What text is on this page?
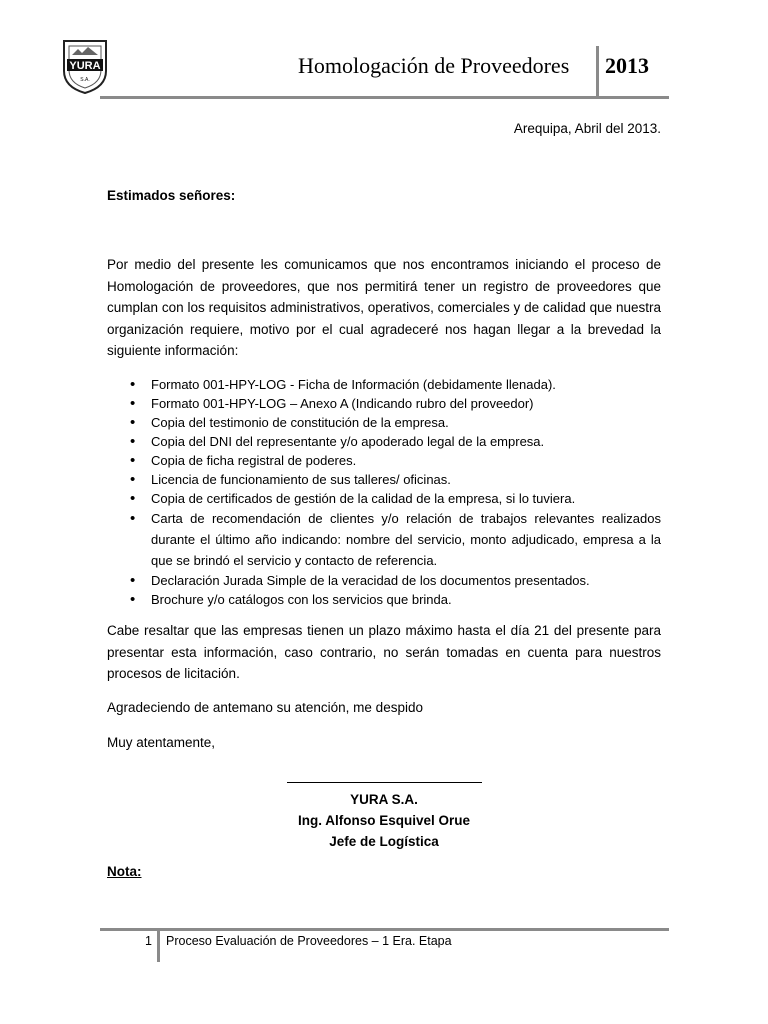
YURA
S.A.
Homologación de Proveedores 2013
Arequipa, Abril del 2013.
Estimados señores:
Por medio del presente les comunicamos que nos encontramos iniciando el proceso de Homologación de proveedores, que nos permitirá tener un registro de proveedores que cumplan con los requisitos administrativos, operativos, comerciales y de calidad que nuestra organización requiere, motivo por el cual agradeceré nos hagan llegar a la brevedad la siguiente información:
• Formato 001-HPY-LOG - Ficha de Información (debidamente llenada).
• Formato 001-HPY-LOG – Anexo A (Indicando rubro del proveedor)
• Copia del testimonio de constitución de la empresa.
• Copia del DNI del representante y/o apoderado legal de la empresa.
• Copia de ficha registral de poderes.
• Licencia de funcionamiento de sus talleres/ oficinas.
• Copia de certificados de gestión de la calidad de la empresa, si lo tuviera.
• Carta de recomendación de clientes y/o relación de trabajos relevantes realizados durante el último año indicando: nombre del servicio, monto adjudicado, empresa a la que se brindó el servicio y contacto de referencia.
• Declaración Jurada Simple de la veracidad de los documentos presentados.
• Brochure y/o catálogos con los servicios que brinda.
Cabe resaltar que las empresas tienen un plazo máximo hasta el día 21 del presente para presentar esta información, caso contrario, no serán tomadas en cuenta para nuestros procesos de licitación.
Agradeciendo de antemano su atención, me despido
Muy atentamente,
YURA S.A.
Ing. Alfonso Esquivel Orue
Jefe de Logística
Nota:
1 Proceso Evaluación de Proveedores – 1 Era. Etapa
